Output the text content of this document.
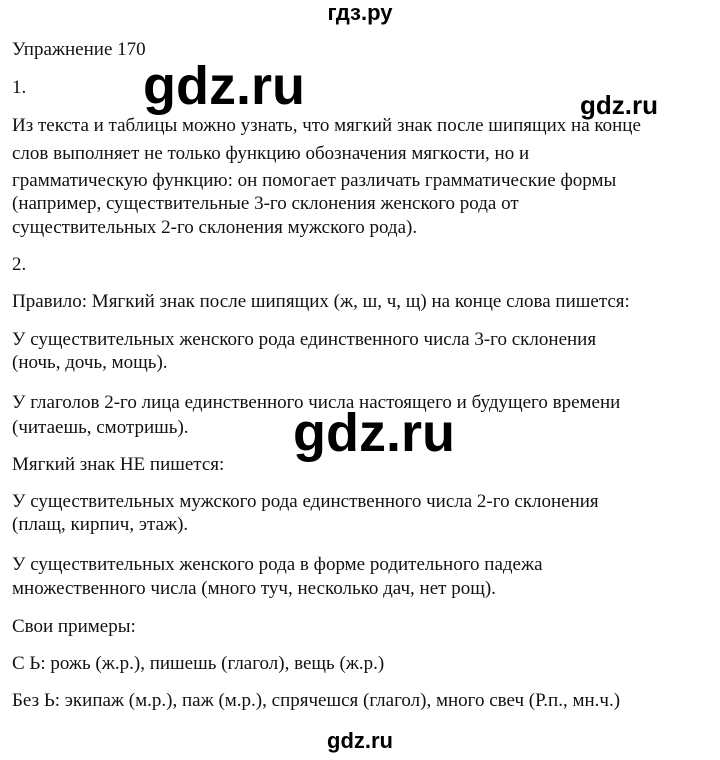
гдз.ру
gdz.ru	gdz.ru
gdz.ru
Упражнение 170
1.
Из текста и таблицы можно узнать, что мягкий знак после шипящих на конце
слов выполняет не только функцию обозначения мягкости, но и
грамматическую функцию: он помогает различать грамматические формы
(например, существительные 3-го склонения женского рода от
существительных 2-го склонения мужского рода).
2.
Правило: Мягкий знак после шипящих (ж, ш, ч, щ) на конце слова пишется:
У существительных женского рода единственного числа 3-го склонения
(ночь, дочь, мощь).
У глаголов 2-го лица единственного числа настоящего и будущего времени
(читаешь, смотришь).
Мягкий знак НЕ пишется:
У существительных мужского рода единственного числа 2-го склонения
(плащ, кирпич, этаж).
У существительных женского рода в форме родительного падежа
множественного числа (много туч, несколько дач, нет рощ).
Свои примеры:
С Ь: рожь (ж.р.), пишешь (глагол), вещь (ж.р.)
Без Ь: экипаж (м.р.), паж (м.р.), спрячешся (глагол), много свеч (Р.п., мн.ч.)
gdz.ru
